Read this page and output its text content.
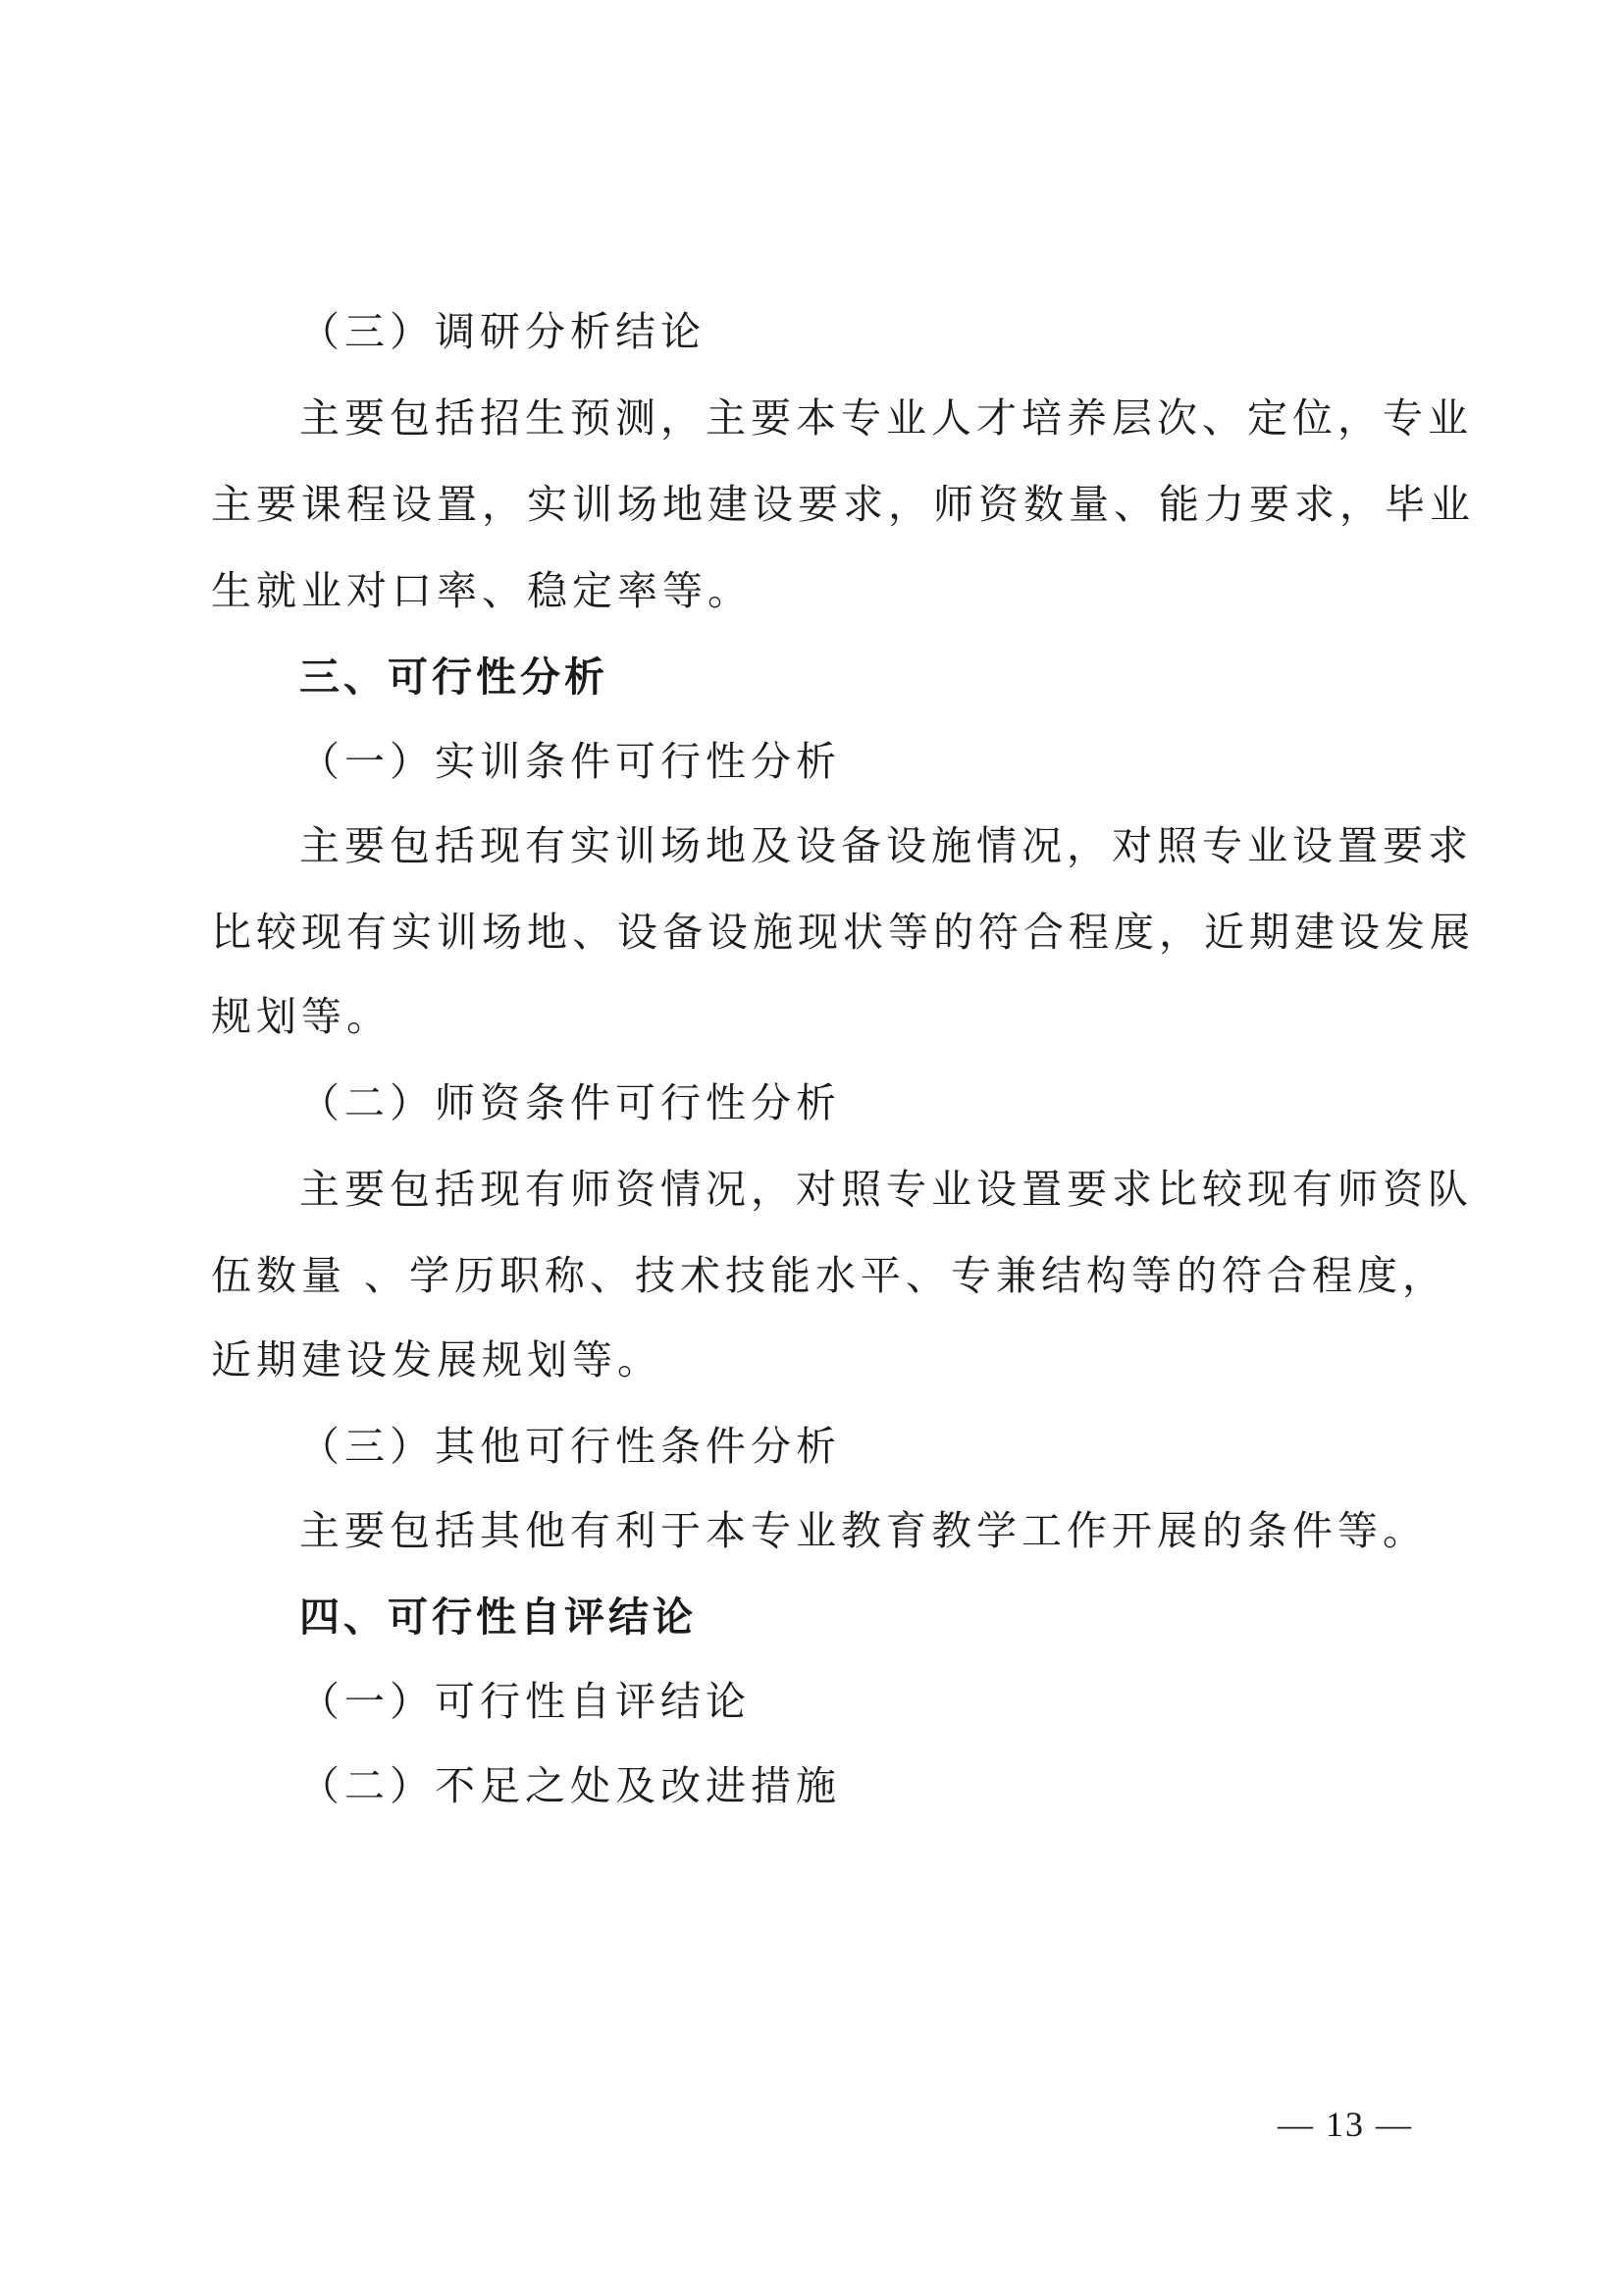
（三）调研分析结论
主要包括招生预测，主要本专业人才培养层次、定位，专业
主要课程设置，实训场地建设要求，师资数量、能力要求，毕业
生就业对口率、稳定率等。
三、可行性分析
（一）实训条件可行性分析
主要包括现有实训场地及设备设施情况，对照专业设置要求
比较现有实训场地、设备设施现状等的符合程度，近期建设发展
规划等。
（二）师资条件可行性分析
主要包括现有师资情况，对照专业设置要求比较现有师资队
伍数量 、学历职称、技术技能水平、专兼结构等的符合程度，
近期建设发展规划等。
（三）其他可行性条件分析
主要包括其他有利于本专业教育教学工作开展的条件等。
四、可行性自评结论
（一）可行性自评结论
（二）不足之处及改进措施
— 13 —
